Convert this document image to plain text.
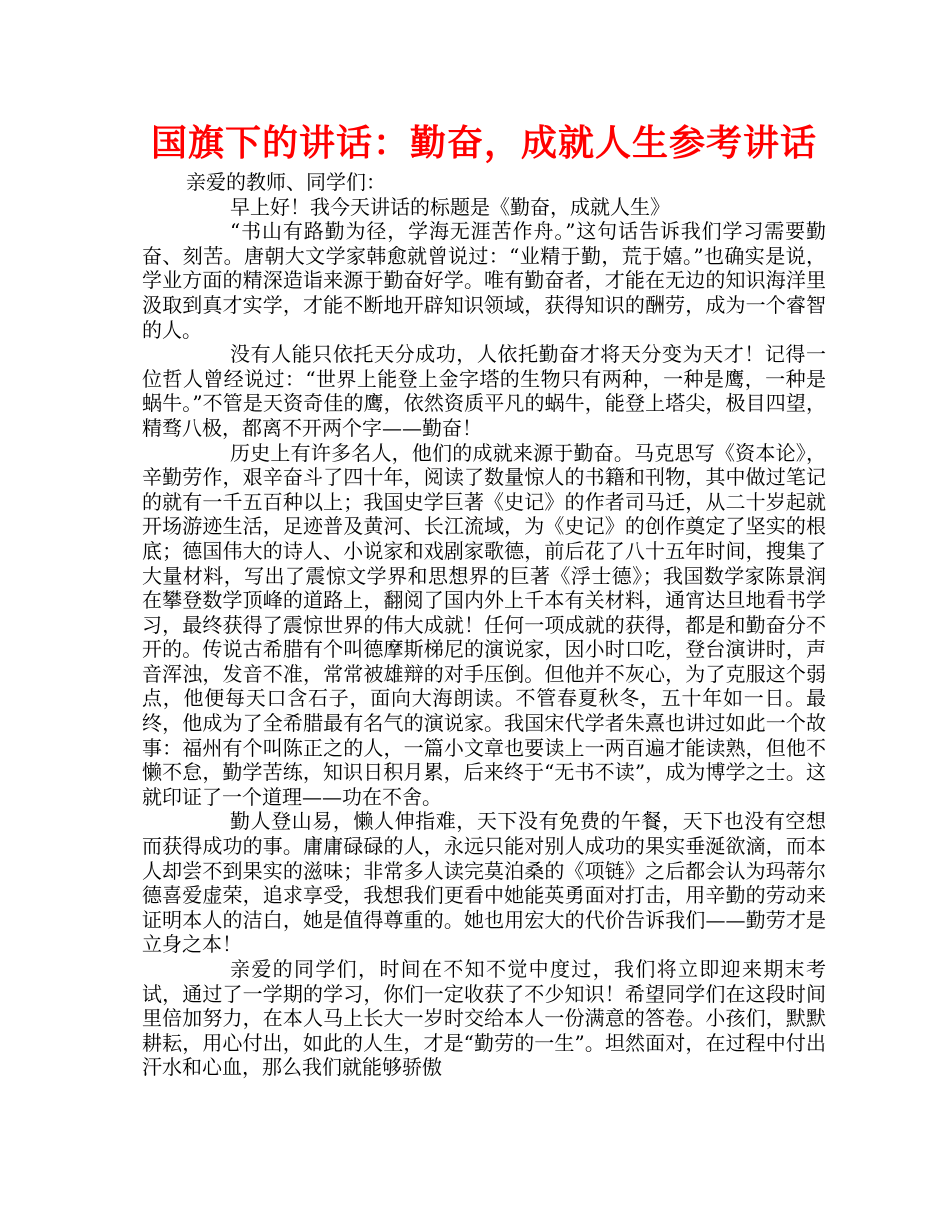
国旗下的讲话：勤奋，成就人生参考讲话

亲爱的教师、同学们：

早上好！我今天讲话的标题是《勤奋，成就人生》

“书山有路勤为径，学海无涯苦作舟。”这句话告诉我们学习需要勤奋、刻苦。唐朝大文学家韩愈就曾说过：“业精于勤，荒于嬉。”也确实是说，学业方面的精深造诣来源于勤奋好学。唯有勤奋者，才能在无边的知识海洋里汲取到真才实学，才能不断地开辟知识领域，获得知识的酬劳，成为一个睿智的人。

没有人能只依托天分成功，人依托勤奋才将天分变为天才！记得一位哲人曾经说过：“世界上能登上金字塔的生物只有两种，一种是鹰，一种是蜗牛。”不管是天资奇佳的鹰，依然资质平凡的蜗牛，能登上塔尖，极目四望，精骛八极，都离不开两个字——勤奋！

历史上有许多名人，他们的成就来源于勤奋。马克思写《资本论》，辛勤劳作，艰辛奋斗了四十年，阅读了数量惊人的书籍和刊物，其中做过笔记的就有一千五百种以上；我国史学巨著《史记》的作者司马迁，从二十岁起就开场游迹生活，足迹普及黄河、长江流域，为《史记》的创作奠定了坚实的根底；德国伟大的诗人、小说家和戏剧家歌德，前后花了八十五年时间，搜集了大量材料，写出了震惊文学界和思想界的巨著《浮士德》；我国数学家陈景润在攀登数学顶峰的道路上，翻阅了国内外上千本有关材料，通宵达旦地看书学习，最终获得了震惊世界的伟大成就！任何一项成就的获得，都是和勤奋分不开的。传说古希腊有个叫德摩斯梯尼的演说家，因小时口吃，登台演讲时，声音浑浊，发音不准，常常被雄辩的对手压倒。但他并不灰心，为了克服这个弱点，他便每天口含石子，面向大海朗读。不管春夏秋冬，五十年如一日。最终，他成为了全希腊最有名气的演说家。我国宋代学者朱熹也讲过如此一个故事：福州有个叫陈正之的人，一篇小文章也要读上一两百遍才能读熟，但他不懒不怠，勤学苦练，知识日积月累，后来终于“无书不读”，成为博学之士。这就印证了一个道理——功在不舍。

勤人登山易，懒人伸指难，天下没有免费的午餐，天下也没有空想而获得成功的事。庸庸碌碌的人，永远只能对别人成功的果实垂涎欲滴，而本人却尝不到果实的滋味；非常多人读完莫泊桑的《项链》之后都会认为玛蒂尔德喜爱虚荣，追求享受，我想我们更看中她能英勇面对打击，用辛勤的劳动来证明本人的洁白，她是值得尊重的。她也用宏大的代价告诉我们——勤劳才是立身之本！

亲爱的同学们，时间在不知不觉中度过，我们将立即迎来期末考试，通过了一学期的学习，你们一定收获了不少知识！希望同学们在这段时间里倍加努力，在本人马上长大一岁时交给本人一份满意的答卷。小孩们，默默耕耘，用心付出，如此的人生，才是“勤劳的一生”。坦然面对，在过程中付出汗水和心血，那么我们就能够骄傲
